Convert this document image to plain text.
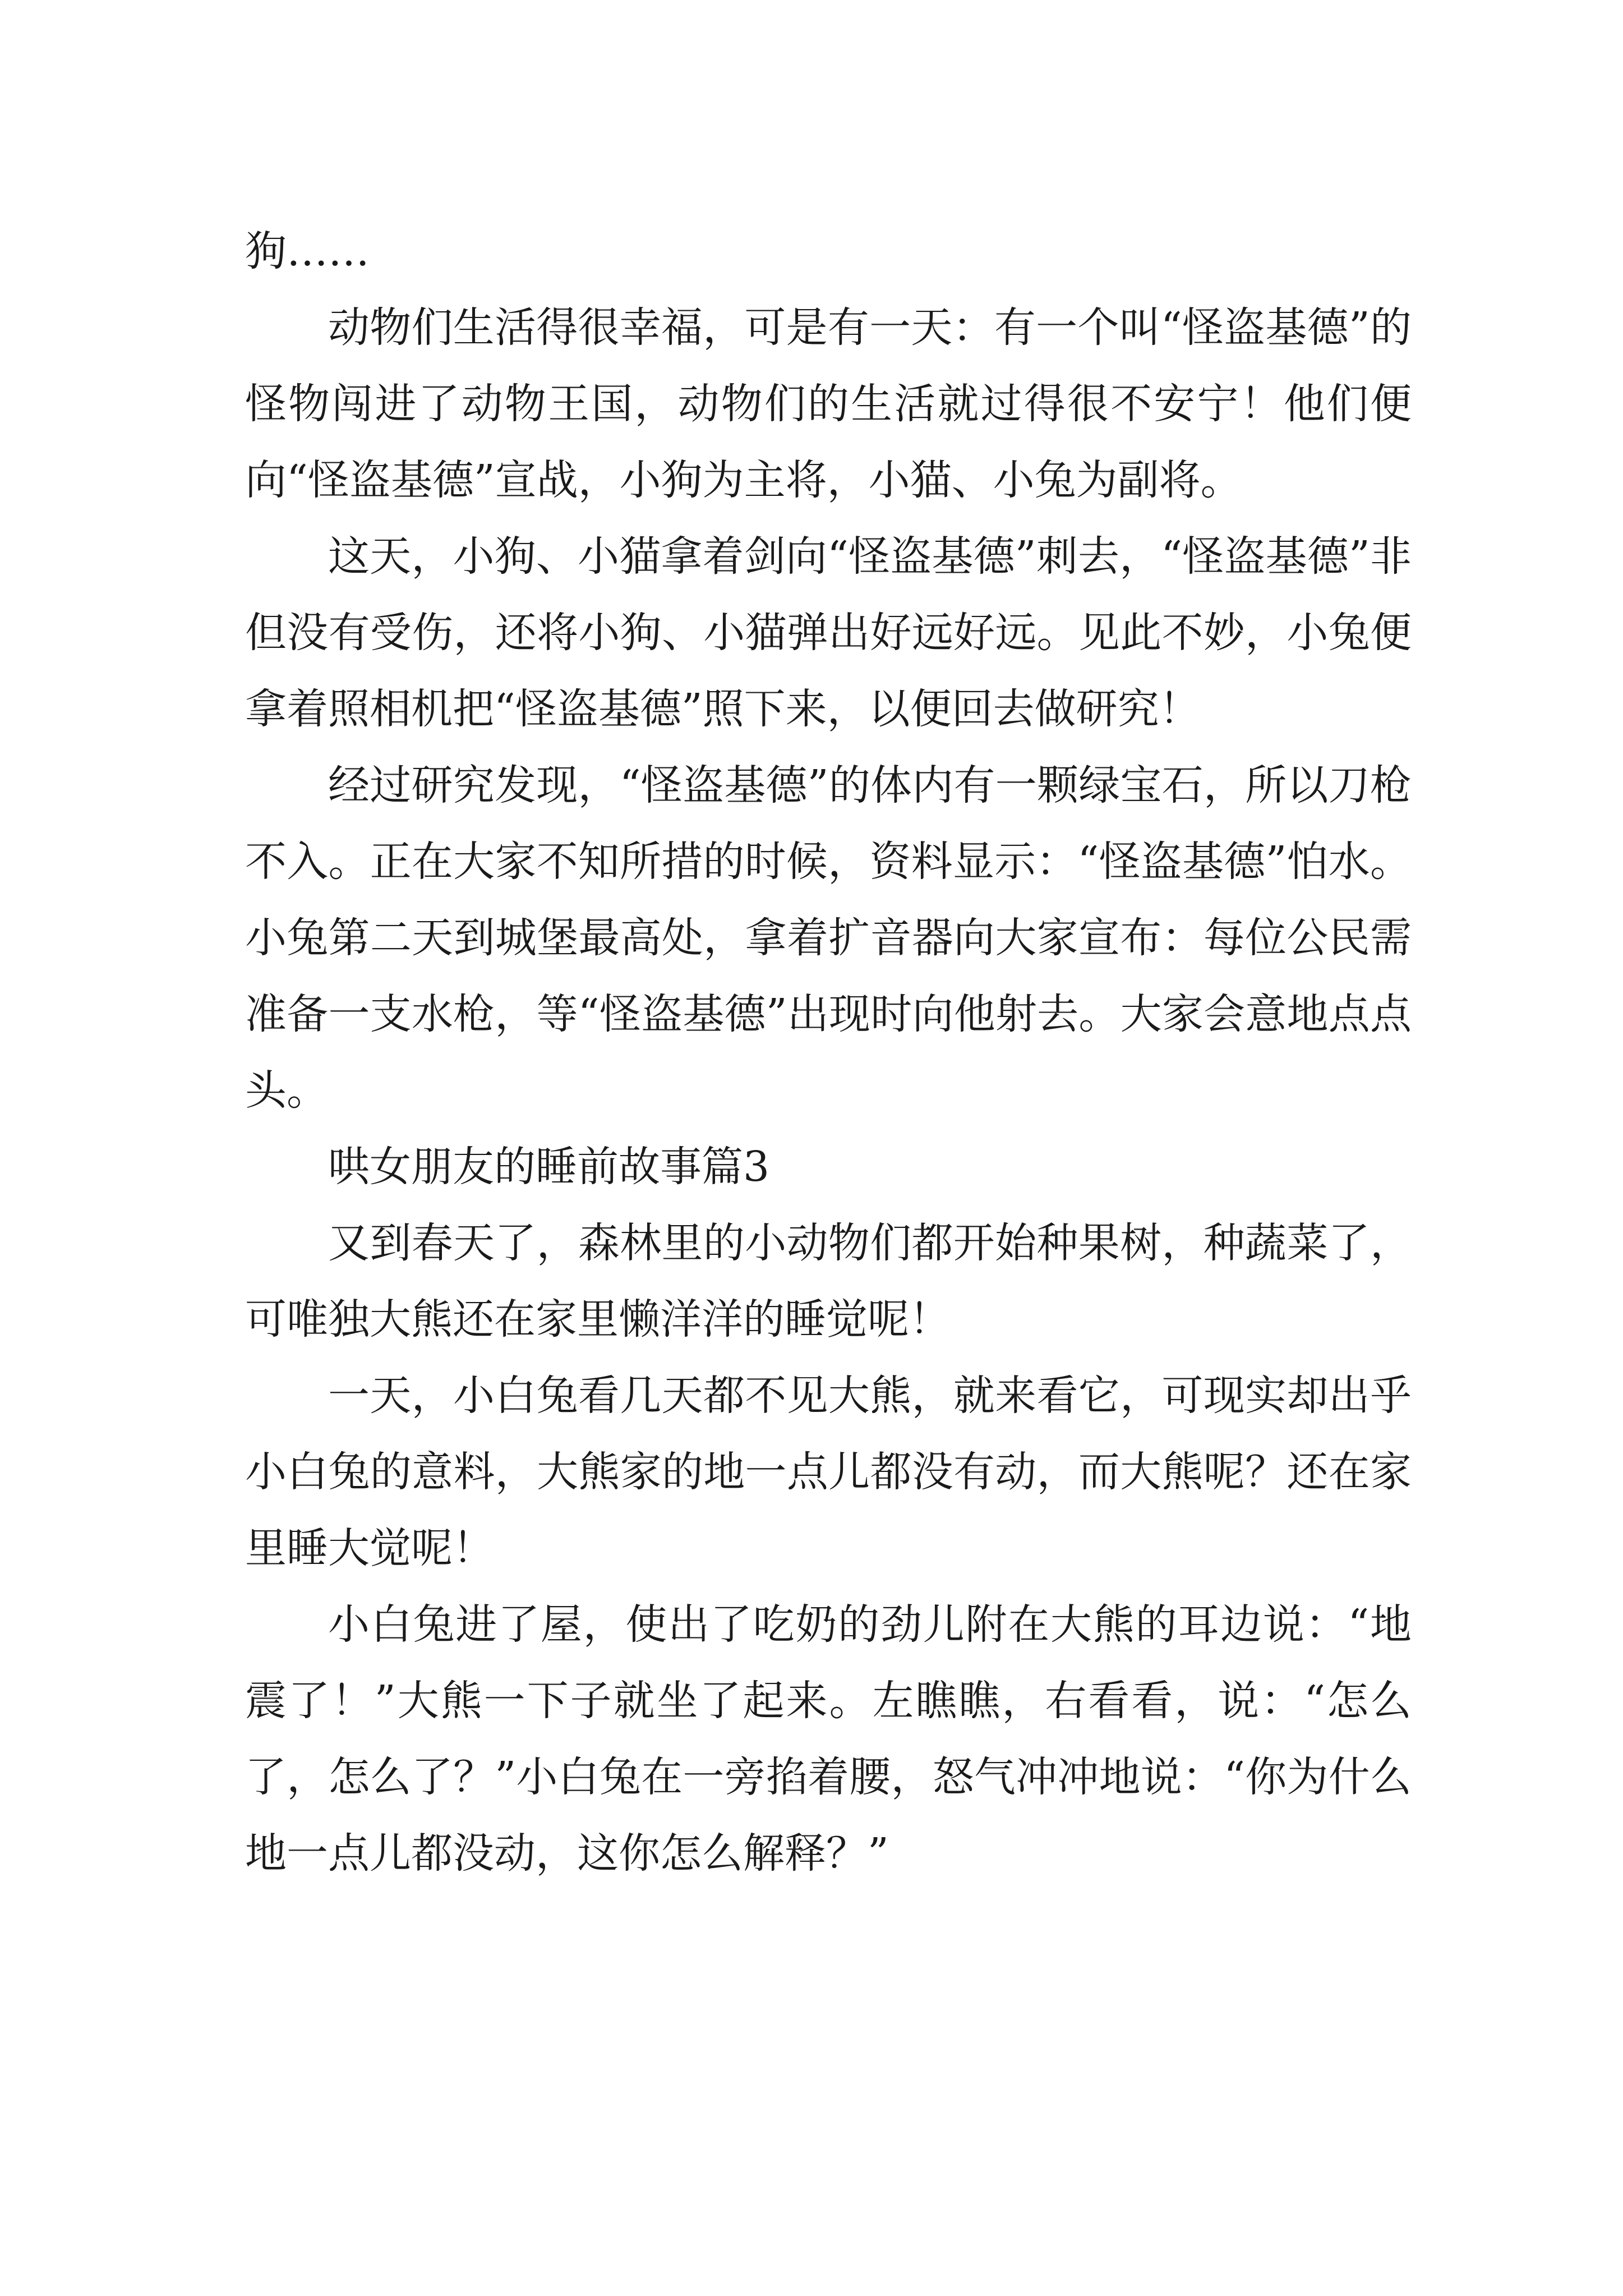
狗……

动物们生活得很幸福，可是有一天：有一个叫“怪盗基德”的怪物闯进了动物王国，动物们的生活就过得很不安宁！他们便向“怪盗基德”宣战，小狗为主将，小猫、小兔为副将。

这天，小狗、小猫拿着剑向“怪盗基德”刺去，“怪盗基德”非但没有受伤，还将小狗、小猫弹出好远好远。见此不妙，小兔便拿着照相机把“怪盗基德”照下来，以便回去做研究！

经过研究发现，“怪盗基德”的体内有一颗绿宝石，所以刀枪不入。正在大家不知所措的时候，资料显示：“怪盗基德”怕水。小兔第二天到城堡最高处，拿着扩音器向大家宣布：每位公民需准备一支水枪，等“怪盗基德”出现时向他射去。大家会意地点点头。

哄女朋友的睡前故事篇3

又到春天了，森林里的小动物们都开始种果树，种蔬菜了，可唯独大熊还在家里懒洋洋的睡觉呢！

一天，小白兔看几天都不见大熊，就来看它，可现实却出乎小白兔的意料，大熊家的地一点儿都没有动，而大熊呢？还在家里睡大觉呢！

小白兔进了屋，使出了吃奶的劲儿附在大熊的耳边说：“地震了！”大熊一下子就坐了起来。左瞧瞧，右看看，说：“怎么了，怎么了？”小白兔在一旁掐着腰，怒气冲冲地说：“你为什么地一点儿都没动，这你怎么解释？”
